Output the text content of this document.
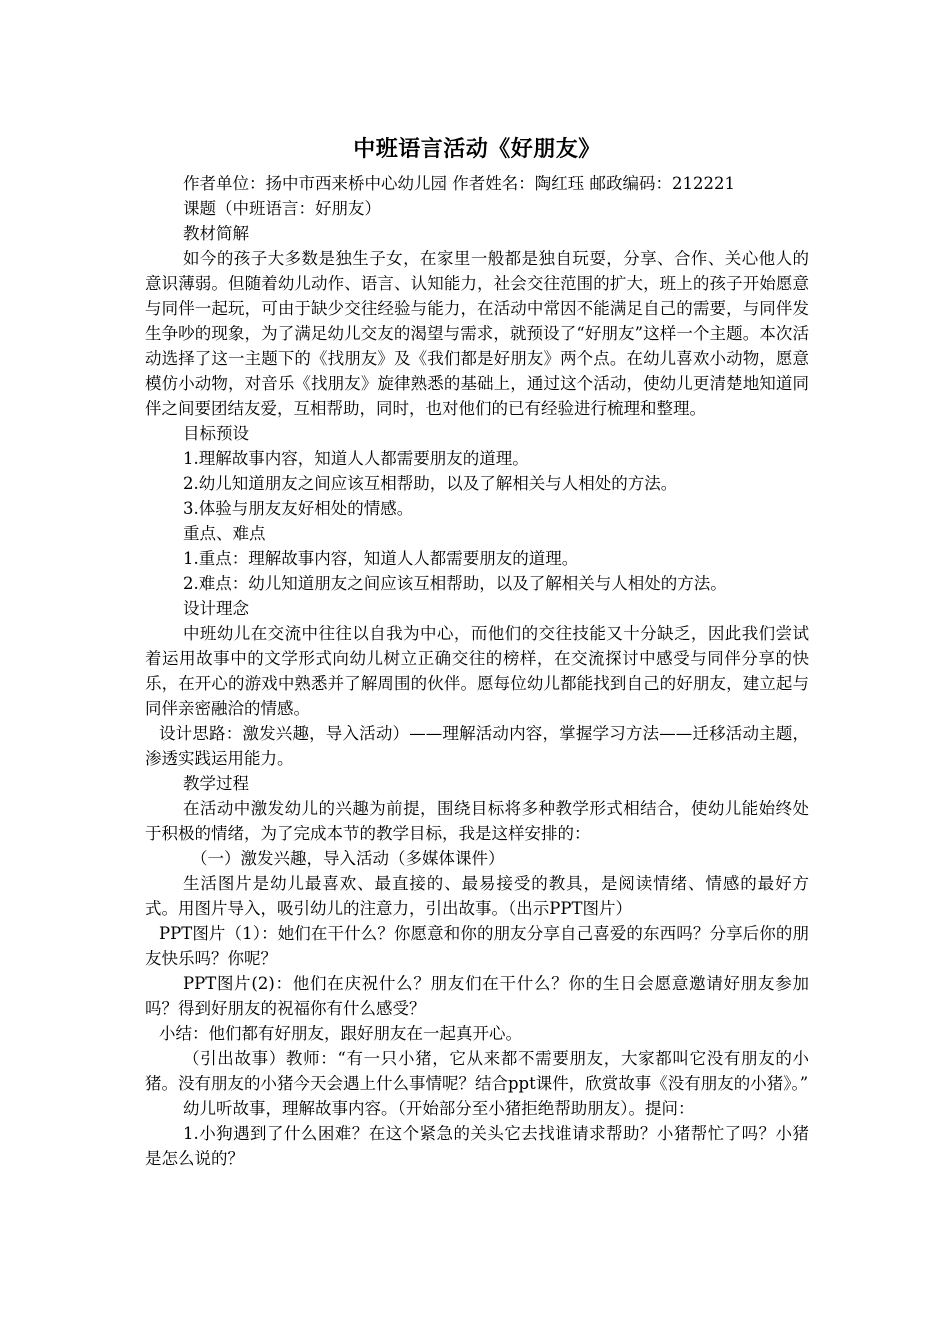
中班语言活动《好朋友》

作者单位：扬中市西来桥中心幼儿园 作者姓名：陶红珏 邮政编码：212221

课题（中班语言：好朋友）

教材简解

如今的孩子大多数是独生子女，在家里一般都是独自玩耍，分享、合作、关心他人的意识薄弱。但随着幼儿动作、语言、认知能力，社会交往范围的扩大，班上的孩子开始愿意与同伴一起玩，可由于缺少交往经验与能力，在活动中常因不能满足自己的需要，与同伴发生争吵的现象，为了满足幼儿交友的渴望与需求，就预设了“好朋友”这样一个主题。本次活动选择了这一主题下的《找朋友》及《我们都是好朋友》两个点。在幼儿喜欢小动物，愿意模仿小动物，对音乐《找朋友》旋律熟悉的基础上，通过这个活动，使幼儿更清楚地知道同伴之间要团结友爱，互相帮助，同时，也对他们的已有经验进行梳理和整理。

目标预设

1.理解故事内容，知道人人都需要朋友的道理。

2.幼儿知道朋友之间应该互相帮助，以及了解相关与人相处的方法。

3.体验与朋友友好相处的情感。

重点、难点

1.重点：理解故事内容，知道人人都需要朋友的道理。

2.难点：幼儿知道朋友之间应该互相帮助，以及了解相关与人相处的方法。

设计理念

中班幼儿在交流中往往以自我为中心，而他们的交往技能又十分缺乏，因此我们尝试着运用故事中的文学形式向幼儿树立正确交往的榜样，在交流探讨中感受与同伴分享的快乐，在开心的游戏中熟悉并了解周围的伙伴。愿每位幼儿都能找到自己的好朋友，建立起与同伴亲密融洽的情感。

设计思路：激发兴趣，导入活动）——理解活动内容，掌握学习方法——迁移活动主题，渗透实践运用能力。

教学过程

在活动中激发幼儿的兴趣为前提，围绕目标将多种教学形式相结合，使幼儿能始终处于积极的情绪，为了完成本节的教学目标，我是这样安排的：

（一）激发兴趣，导入活动（多媒体课件）

生活图片是幼儿最喜欢、最直接的、最易接受的教具，是阅读情绪、情感的最好方式。用图片导入，吸引幼儿的注意力，引出故事。（出示PPT图片）

PPT图片（1）：她们在干什么？你愿意和你的朋友分享自己喜爱的东西吗？分享后你的朋友快乐吗？你呢？

PPT图片(2)：他们在庆祝什么？朋友们在干什么？你的生日会愿意邀请好朋友参加吗？得到好朋友的祝福你有什么感受？

小结：他们都有好朋友，跟好朋友在一起真开心。

（引出故事）教师：“有一只小猪，它从来都不需要朋友，大家都叫它没有朋友的小猪。没有朋友的小猪今天会遇上什么事情呢？结合ppt课件，欣赏故事《没有朋友的小猪》。”

幼儿听故事，理解故事内容。（开始部分至小猪拒绝帮助朋友）。提问：

1.小狗遇到了什么困难？在这个紧急的关头它去找谁请求帮助？小猪帮忙了吗？小猪是怎么说的？
